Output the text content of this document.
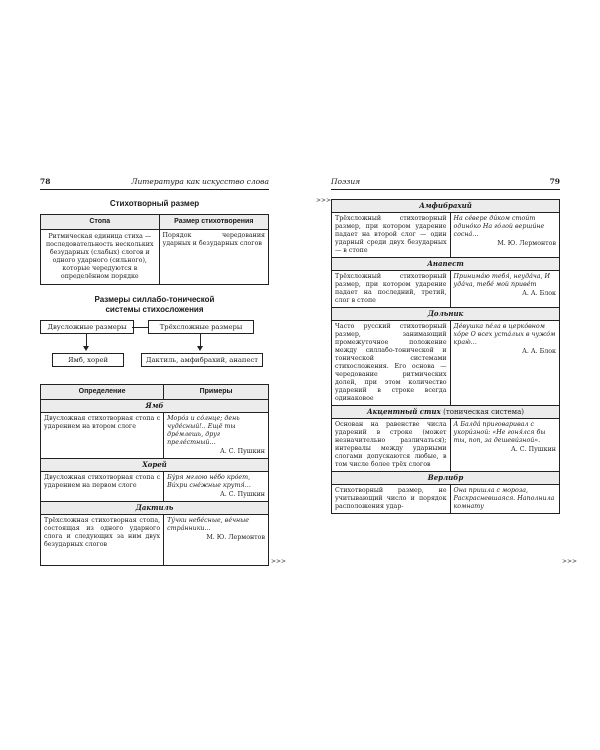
78	Литература как искусство слова
Стихотворный размер
Стопа	Размер стихотворения
Ритмическая единица стиха — последовательность нескольких безударных (слабых) слогов и одного ударного (сильного), которые чередуются в определённом порядке	Порядок чередования ударных и безударных слогов
Размеры силлабо-тонической
системы стихосложения
Двусложные размеры	Трёхсложные размеры
Ямб, хорей	Дактиль, амфибрахий, анапест
Определение	Примеры
Ямб	
Двусложная стихотворная стопа с ударением на втором слоге	Моро́з и со́лнце; день чуде́сный!.. Ещё ты дре́млешь, друг преле́стный…
А. С. Пушкин

Хорей	
Двусложная стихотворная стопа с ударением на первом слоге	Бу́ря мглою не́бо кро́ет, Ви́хри сне́жные крутя́…
А. С. Пушкин

Дактиль	
Трёхсложная стихотворная стопа, состоящая из одного ударного слога и следующих за ним двух безударных слогов	Ту́чки небе́сные, ве́чные стра́нники…
М. Ю. Лермонтов
>>>
>>>
Поэзия	79
Амфибрахий	
Трёхсложный стихотворный размер, при котором ударение падает на второй слог — один ударный среди двух безударных — в стопе	На се́вере ди́ком стои́т одино́ко На го́лой верши́не сосна́…
М. Ю. Лермонтов

Анапест	
Трёхсложный стихотворный размер, при котором ударение падает на последний, третий, слог в стопе	Принима́ю тебя́, неуда́ча, И уда́ча, тебе́ мой приве́т
А. А. Блок

Дольник	
Часто русский стихотворный размер, занимающий промежуточное положение между силлабо-тонической и тонической системами стихосложения. Его основа — чередование ритмических долей, при этом количество ударений в строке всегда одинаковое	Де́вушка пе́ла в церко́вном хо́ре О всех уста́лых в чужо́м краю́…
А. А. Блок

Акцентный стих (тоническая система)	
Основан на равенстве числа ударений в строке (может незначительно различаться); интервалы между ударными слогами допускаются любые, в том числе более трёх слогов	А Балда́ приговаривал с укори́зной: «Не гоня́лся бы ты, поп, за дешеви́зной».
А. С. Пушкин

Верлибр	
Стихотворный размер, не учитывающий число и порядок расположения удар-	Она пришла с мороза, Раскрасневшаяся. Наполнила комнату
>>>
